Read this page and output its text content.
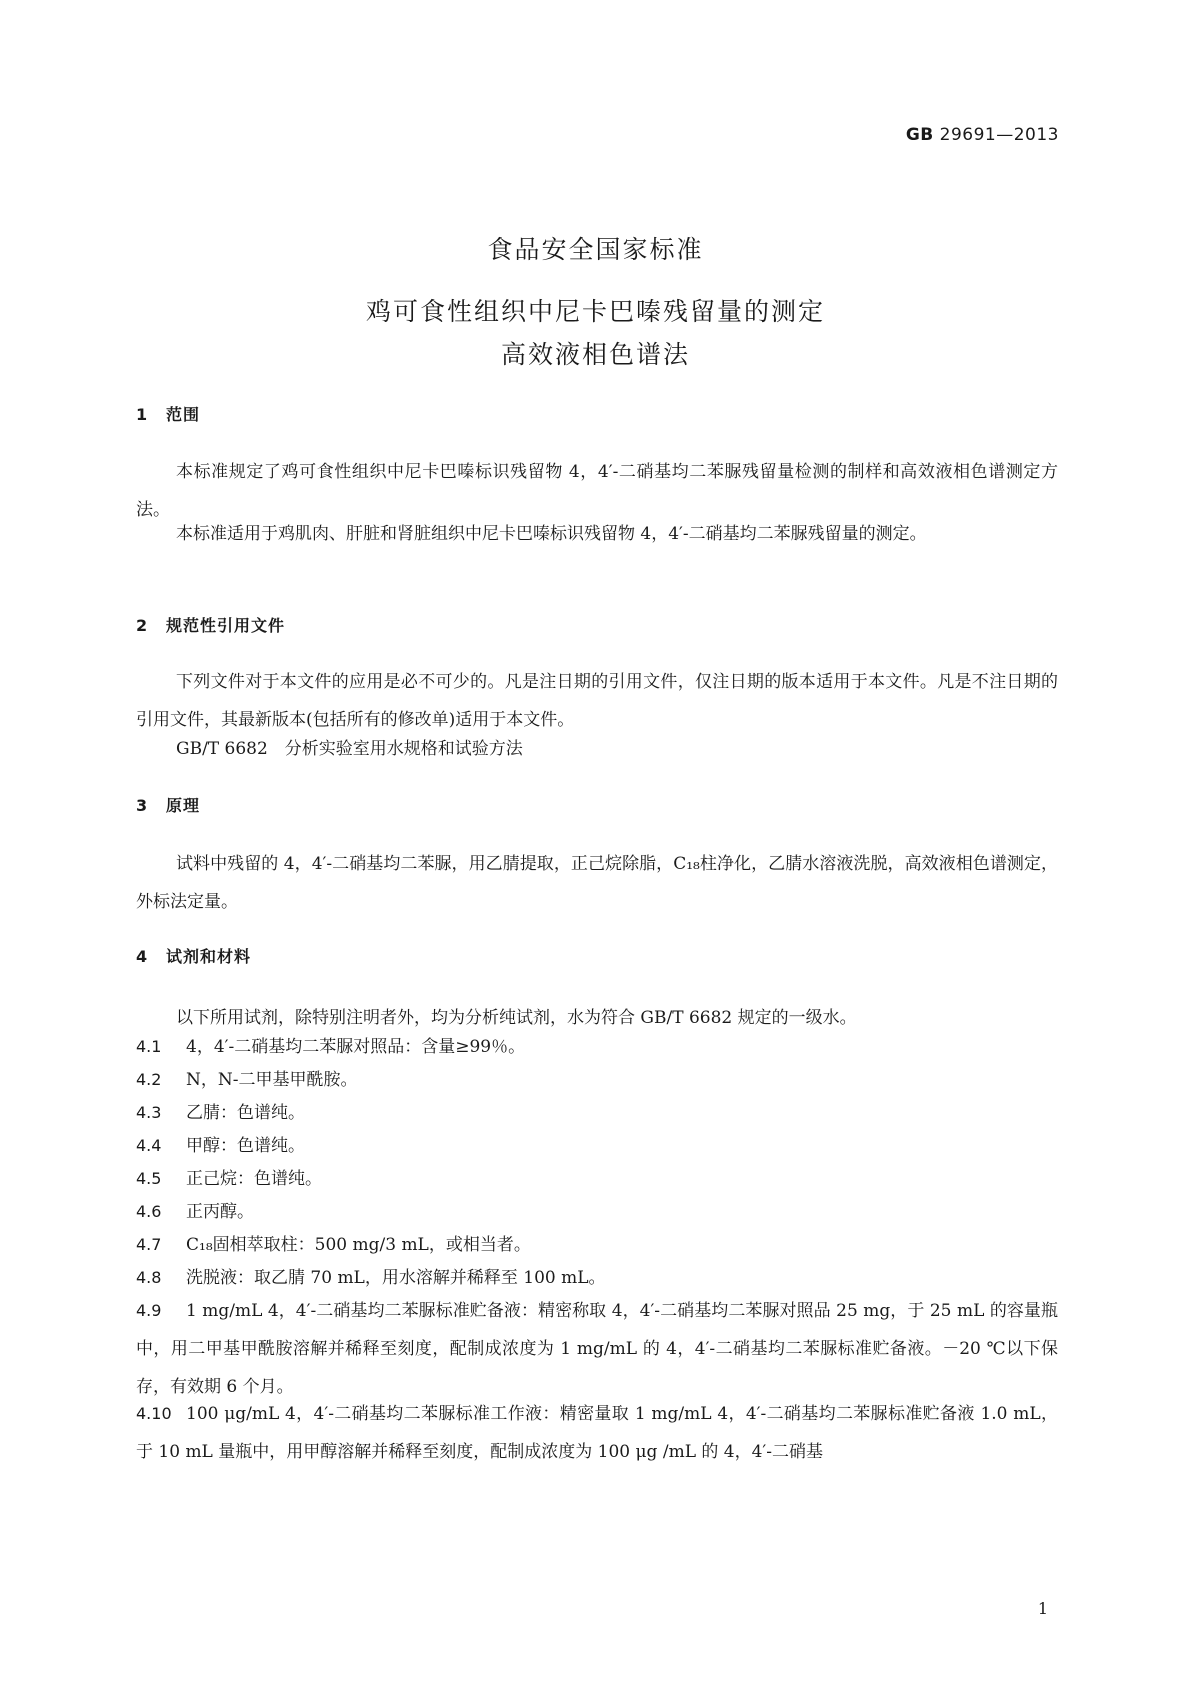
GB 29691—2013
食品安全国家标准
鸡可食性组织中尼卡巴嗪残留量的测定
高效液相色谱法
1 范围
本标准规定了鸡可食性组织中尼卡巴嗪标识残留物 4，4′-二硝基均二苯脲残留量检测的制样和高效液相色谱测定方法。
本标准适用于鸡肌肉、肝脏和肾脏组织中尼卡巴嗪标识残留物 4，4′-二硝基均二苯脲残留量的测定。
2 规范性引用文件
下列文件对于本文件的应用是必不可少的。凡是注日期的引用文件，仅注日期的版本适用于本文件。凡是不注日期的引用文件，其最新版本(包括所有的修改单)适用于本文件。
GB/T 6682　分析实验室用水规格和试验方法
3 原理
试料中残留的 4，4′-二硝基均二苯脲，用乙腈提取，正己烷除脂，C₁₈柱净化，乙腈水溶液洗脱，高效液相色谱测定，外标法定量。
4 试剂和材料
以下所用试剂，除特别注明者外，均为分析纯试剂，水为符合 GB/T 6682 规定的一级水。
4.1 4，4′-二硝基均二苯脲对照品：含量≥99％。
4.2 N，N-二甲基甲酰胺。
4.3 乙腈：色谱纯。
4.4 甲醇：色谱纯。
4.5 正己烷：色谱纯。
4.6 正丙醇。
4.7 C₁₈固相萃取柱：500 mg/3 mL，或相当者。
4.8 洗脱液：取乙腈 70 mL，用水溶解并稀释至 100 mL。
4.9 1 mg/mL 4，4′-二硝基均二苯脲标准贮备液：精密称取 4，4′-二硝基均二苯脲对照品 25 mg，于 25 mL 的容量瓶中，用二甲基甲酰胺溶解并稀释至刻度，配制成浓度为 1 mg/mL 的 4，4′-二硝基均二苯脲标准贮备液。－20 ℃以下保存，有效期 6 个月。
4.10 100 μg/mL 4，4′-二硝基均二苯脲标准工作液：精密量取 1 mg/mL 4，4′-二硝基均二苯脲标准贮备液 1.0 mL，于 10 mL 量瓶中，用甲醇溶解并稀释至刻度，配制成浓度为 100 μg /mL 的 4，4′-二硝基
1
